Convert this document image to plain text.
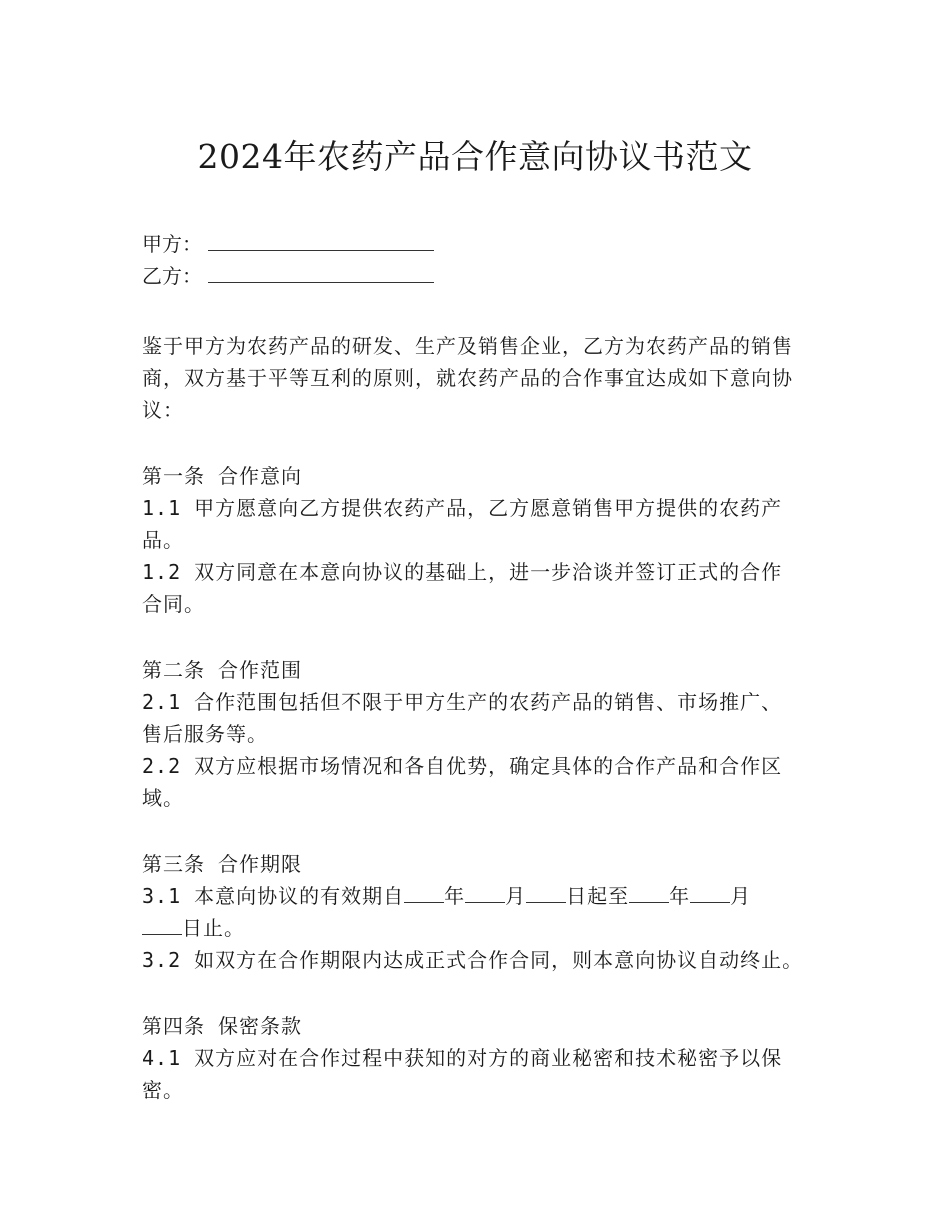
2024年农药产品合作意向协议书范文
甲方：
乙方：

鉴于甲方为农药产品的研发、生产及销售企业，乙方为农药产品的销售商，双方基于平等互利的原则，就农药产品的合作事宜达成如下意向协议：

第一条 合作意向

1.1 甲方愿意向乙方提供农药产品，乙方愿意销售甲方提供的农药产品。

1.2 双方同意在本意向协议的基础上，进一步洽谈并签订正式的合作合同。

第二条 合作范围

2.1 合作范围包括但不限于甲方生产的农药产品的销售、市场推广、售后服务等。

2.2 双方应根据市场情况和各自优势，确定具体的合作产品和合作区域。

第三条 合作期限

3.1 本意向协议的有效期自 年 月 日起至 年 月
日止。

3.2 如双方在合作期限内达成正式合作合同，则本意向协议自动终止。

第四条 保密条款

4.1 双方应对在合作过程中获知的对方的商业秘密和技术秘密予以保密。
